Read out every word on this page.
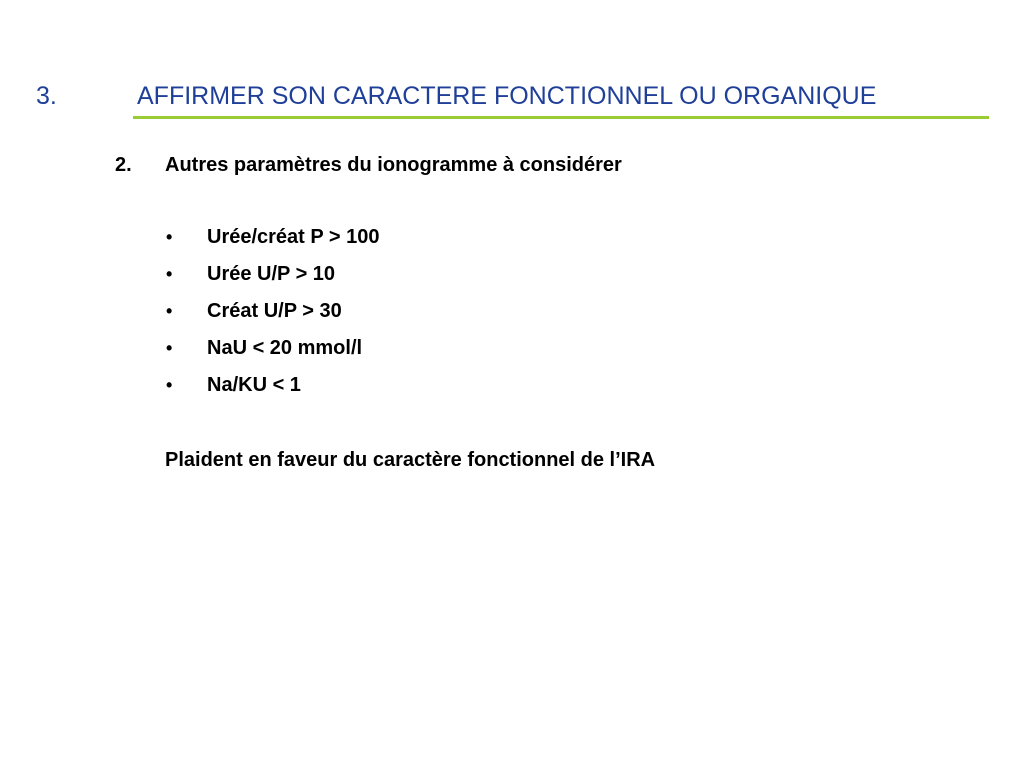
3.	AFFIRMER SON CARACTERE FONCTIONNEL OU ORGANIQUE
2. Autres paramètres du ionogramme à considérer
• Urée/créat P > 100
• Urée U/P > 10
• Créat U/P > 30
• NaU < 20 mmol/l
• Na/KU < 1
Plaident en faveur du caractère fonctionnel de l’IRA
